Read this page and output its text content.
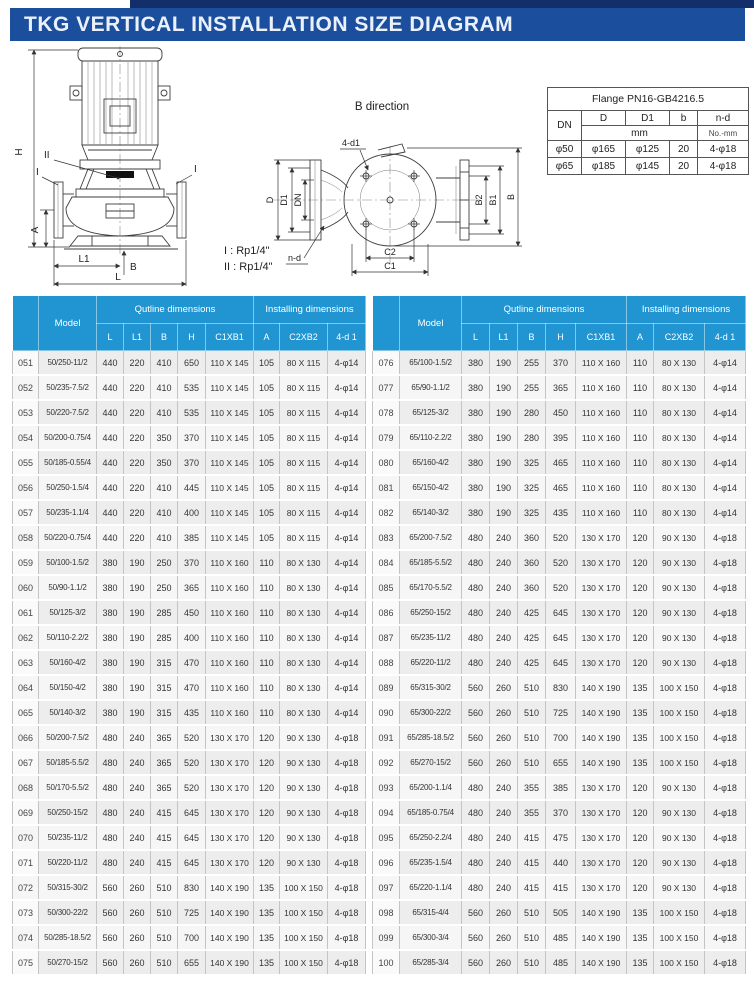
TKG VERTICAL INSTALLATION SIZE DIAGRAM
H
A
II
I	I
L1
L
B
B direction
D D1 DN
n-d
4-d1
B2 B1 B
C2
C1
I : Rp1/4"
II : Rp1/4"
Flange PN16-GB4216.5				
DN	D	D1	b	n-d
	mm			No.-mm
φ50	φ165	φ125	20	4-φ18
φ65	φ185	φ145	20	4-φ18
	Model	Qutline dimensions					Installing dimensions		
		L	L1	B	H	C1XB1	A	C2XB2	4-d 1
051	50/250-11/2	440	220	410	650	110 X 145	105	80 X 115	4-φ14
052	50/235-7.5/2	440	220	410	535	110 X 145	105	80 X 115	4-φ14
053	50/220-7.5/2	440	220	410	535	110 X 145	105	80 X 115	4-φ14
054	50/200-0.75/4	440	220	350	370	110 X 145	105	80 X 115	4-φ14
055	50/185-0.55/4	440	220	350	370	110 X 145	105	80 X 115	4-φ14
056	50/250-1.5/4	440	220	410	445	110 X 145	105	80 X 115	4-φ14
057	50/235-1.1/4	440	220	410	400	110 X 145	105	80 X 115	4-φ14
058	50/220-0.75/4	440	220	410	385	110 X 145	105	80 X 115	4-φ14
059	50/100-1.5/2	380	190	250	370	110 X 160	110	80 X 130	4-φ14
060	50/90-1.1/2	380	190	250	365	110 X 160	110	80 X 130	4-φ14
061	50/125-3/2	380	190	285	450	110 X 160	110	80 X 130	4-φ14
062	50/110-2.2/2	380	190	285	400	110 X 160	110	80 X 130	4-φ14
063	50/160-4/2	380	190	315	470	110 X 160	110	80 X 130	4-φ14
064	50/150-4/2	380	190	315	470	110 X 160	110	80 X 130	4-φ14
065	50/140-3/2	380	190	315	435	110 X 160	110	80 X 130	4-φ14
066	50/200-7.5/2	480	240	365	520	130 X 170	120	90 X 130	4-φ18
067	50/185-5.5/2	480	240	365	520	130 X 170	120	90 X 130	4-φ18
068	50/170-5.5/2	480	240	365	520	130 X 170	120	90 X 130	4-φ18
069	50/250-15/2	480	240	415	645	130 X 170	120	90 X 130	4-φ18
070	50/235-11/2	480	240	415	645	130 X 170	120	90 X 130	4-φ18
071	50/220-11/2	480	240	415	645	130 X 170	120	90 X 130	4-φ18
072	50/315-30/2	560	260	510	830	140 X 190	135	100 X 150	4-φ18
073	50/300-22/2	560	260	510	725	140 X 190	135	100 X 150	4-φ18
074	50/285-18.5/2	560	260	510	700	140 X 190	135	100 X 150	4-φ18
075	50/270-15/2	560	260	510	655	140 X 190	135	100 X 150	4-φ18
	Model	Qutline dimensions					Installing dimensions		
		L	L1	B	H	C1XB1	A	C2XB2	4-d 1
076	65/100-1.5/2	380	190	255	370	110 X 160	110	80 X 130	4-φ14
077	65/90-1.1/2	380	190	255	365	110 X 160	110	80 X 130	4-φ14
078	65/125-3/2	380	190	280	450	110 X 160	110	80 X 130	4-φ14
079	65/110-2.2/2	380	190	280	395	110 X 160	110	80 X 130	4-φ14
080	65/160-4/2	380	190	325	465	110 X 160	110	80 X 130	4-φ14
081	65/150-4/2	380	190	325	465	110 X 160	110	80 X 130	4-φ14
082	65/140-3/2	380	190	325	435	110 X 160	110	80 X 130	4-φ14
083	65/200-7.5/2	480	240	360	520	130 X 170	120	90 X 130	4-φ18
084	65/185-5.5/2	480	240	360	520	130 X 170	120	90 X 130	4-φ18
085	65/170-5.5/2	480	240	360	520	130 X 170	120	90 X 130	4-φ18
086	65/250-15/2	480	240	425	645	130 X 170	120	90 X 130	4-φ18
087	65/235-11/2	480	240	425	645	130 X 170	120	90 X 130	4-φ18
088	65/220-11/2	480	240	425	645	130 X 170	120	90 X 130	4-φ18
089	65/315-30/2	560	260	510	830	140 X 190	135	100 X 150	4-φ18
090	65/300-22/2	560	260	510	725	140 X 190	135	100 X 150	4-φ18
091	65/285-18.5/2	560	260	510	700	140 X 190	135	100 X 150	4-φ18
092	65/270-15/2	560	260	510	655	140 X 190	135	100 X 150	4-φ18
093	65/200-1.1/4	480	240	355	385	130 X 170	120	90 X 130	4-φ18
094	65/185-0.75/4	480	240	355	370	130 X 170	120	90 X 130	4-φ18
095	65/250-2.2/4	480	240	415	475	130 X 170	120	90 X 130	4-φ18
096	65/235-1.5/4	480	240	415	440	130 X 170	120	90 X 130	4-φ18
097	65/220-1.1/4	480	240	415	415	130 X 170	120	90 X 130	4-φ18
098	65/315-4/4	560	260	510	505	140 X 190	135	100 X 150	4-φ18
099	65/300-3/4	560	260	510	485	140 X 190	135	100 X 150	4-φ18
100	65/285-3/4	560	260	510	485	140 X 190	135	100 X 150	4-φ18
